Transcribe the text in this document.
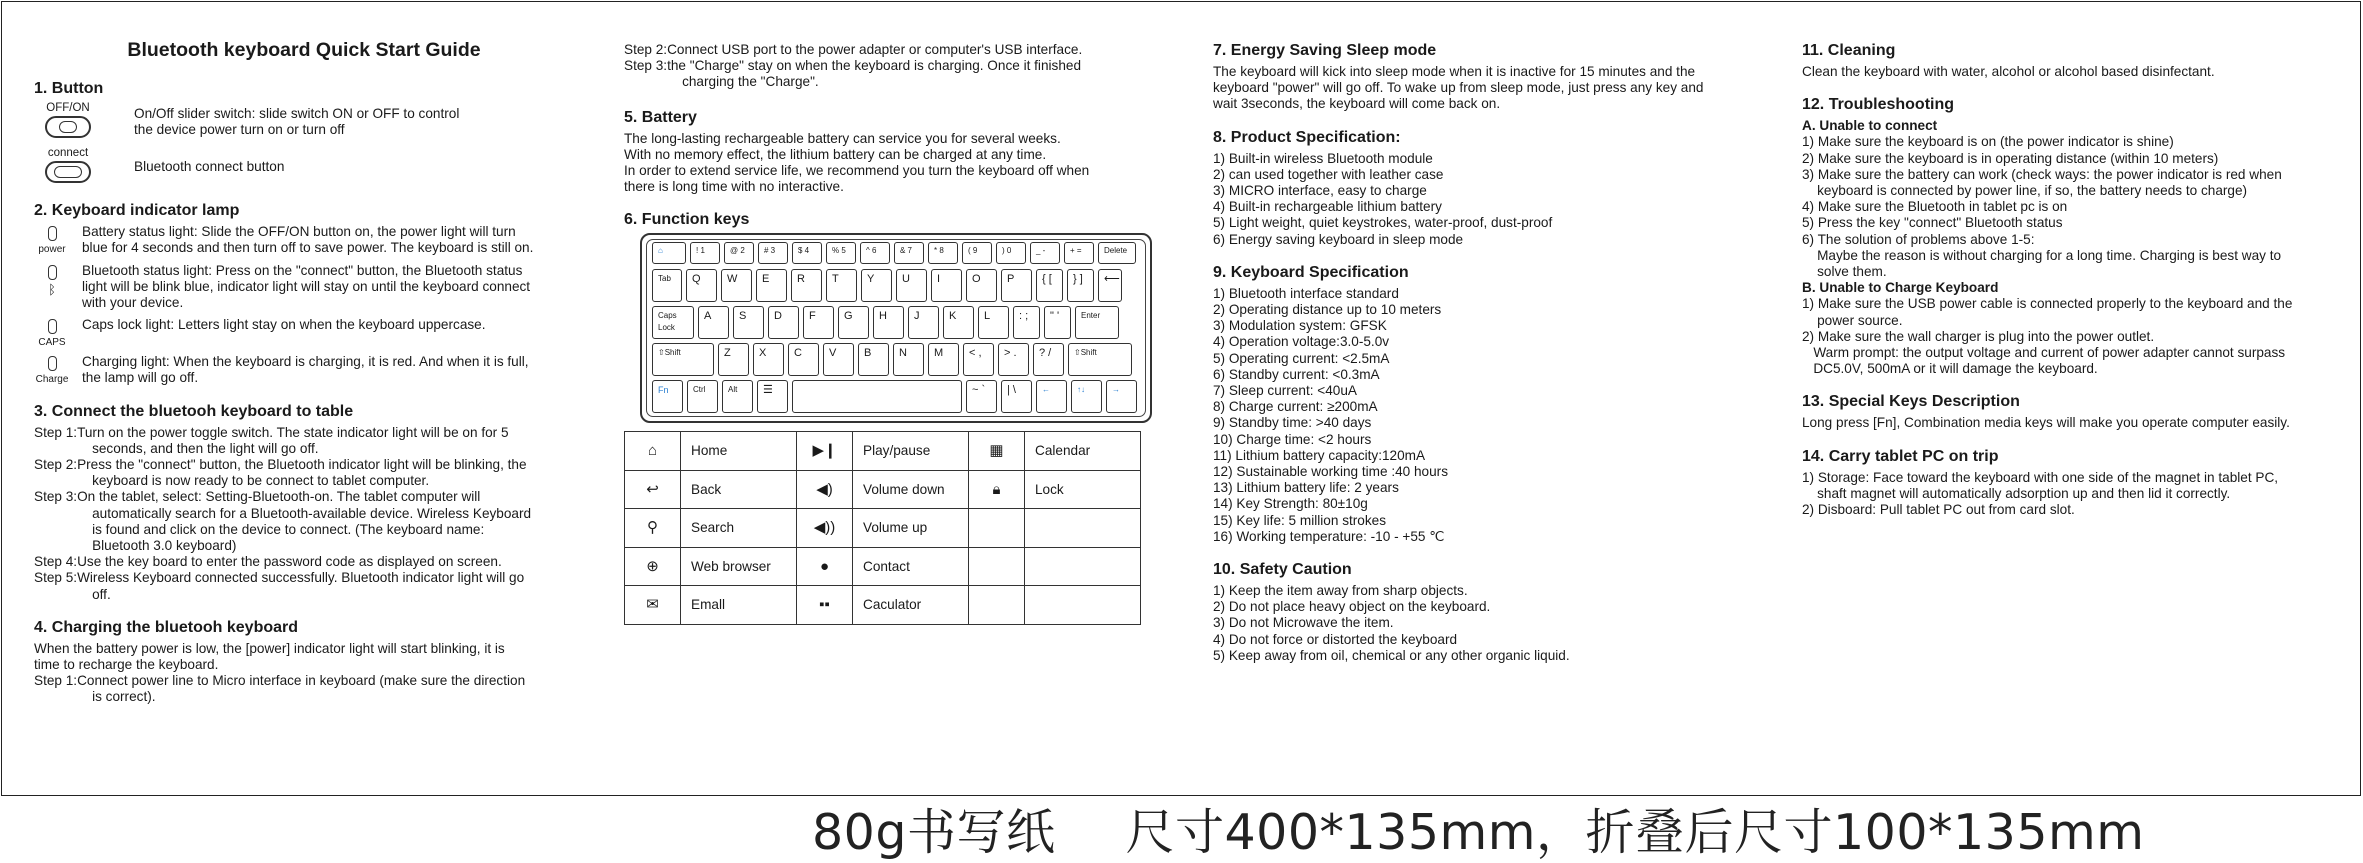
Bluetooth keyboard Quick Start Guide
1. Button
OFF/ON	On/Off slider switch: slide switch ON or OFF to control
the device power turn on or turn off
connect
Bluetooth connect button
2. Keyboard indicator lamp
power
Battery status light: Slide the OFF/ON button on, the power light will turn
blue for 4 seconds and then turn off to save power. The keyboard is still on.
ᛒ
Bluetooth status light: Press on the "connect" button, the Bluetooth status
light will be blink blue, indicator light will stay on until the keyboard connect
with your device.
CAPS
Caps lock light: Letters light stay on when the keyboard uppercase.
Charge
Charging light: When the keyboard is charging, it is red. And when it is full,
the lamp will go off.
3. Connect the bluetooh keyboard to table
Step 1: Turn on the power toggle switch. The state indicator light will be on for 5
seconds, and then the light will go off.
Step 2: Press the "connect" button, the Bluetooth indicator light will be blinking, the
keyboard is now ready to be connect to tablet computer.
Step 3: On the tablet, select: Setting-Bluetooth-on. The tablet computer will
automatically search for a Bluetooth-available device. Wireless Keyboard
is found and click on the device to connect. (The keyboard name:
Bluetooth 3.0 keyboard)
Step 4: Use the key board to enter the password code as displayed on screen.
Step 5: Wireless Keyboard connected successfully. Bluetooth indicator light will go
off.
4. Charging the bluetooh keyboard
When the battery power is low, the [power] indicator light will start blinking, it is
time to recharge the keyboard.
Step 1: Connect power line to Micro interface in keyboard (make sure the direction
is correct).
Step 2: Connect USB port to the power adapter or computer's USB interface.
Step 3: the "Charge" stay on when the keyboard is charging. Once it finished
charging the "Charge".
5. Battery
The long-lasting rechargeable battery can service you for several weeks.
With no memory effect, the lithium battery can be charged at any time.
In order to extend service life, we recommend you turn the keyboard off when
there is long time with no interactive.
6. Function keys
⌂	! 1	@ 2	# 3	$ 4	% 5	^ 6	& 7	* 8	( 9	) 0	_ -	+ =	Delete
Tab	Q	W	E	R	T	Y	U	I	O	P	{ [	} ]	⟵
Caps Lock
A	S	D	F	G	H	J	K	L	: ;	" '	Enter
⇧Shift	Z	X	C	V	B	N	M	< ,	> .	? /	⇧Shift
Fn	Ctrl	Alt	☰	~ `	| \	←	↑↓	→
⌂	Home	▶❙	Play/pause	▦	Calendar
↩	Back	◀)	Volume down	🔒︎	Lock
⚲	Search	◀))	Volume up		
⊕	Web browser	●	Contact		
✉	Emall	▪▪	Caculator		
7. Energy Saving Sleep mode
The keyboard will kick into sleep mode when it is inactive for 15 minutes and the
keyboard "power" will go off. To wake up from sleep mode, just press any key and
wait 3seconds, the keyboard will come back on.
8. Product Specification:
1) Built-in wireless Bluetooth module
2) can used together with leather case
3) MICRO interface, easy to charge
4) Built-in rechargeable lithium battery
5) Light weight, quiet keystrokes, water-proof, dust-proof
6) Energy saving keyboard in sleep mode
9. Keyboard Specification
1) Bluetooth interface standard
2) Operating distance up to 10 meters
3) Modulation system: GFSK
4) Operation voltage:3.0-5.0v
5) Operating current: <2.5mA
6) Standby current: <0.3mA
7) Sleep current: <40uA
8) Charge current: ≥200mA
9) Standby time: >40 days
10) Charge time: <2 hours
11) Lithium battery capacity:120mA
12) Sustainable working time :40 hours
13) Lithium battery life: 2 years
14) Key Strength: 80±10g
15) Key life: 5 million strokes
16) Working temperature: -10 - +55 ℃
10. Safety Caution
1) Keep the item away from sharp objects.
2) Do not place heavy object on the keyboard.
3) Do not Microwave the item.
4) Do not force or distorted the keyboard
5) Keep away from oil, chemical or any other organic liquid.
11. Cleaning
Clean the keyboard with water, alcohol or alcohol based disinfectant.
12. Troubleshooting
A. Unable to connect
1) Make sure the keyboard is on (the power indicator is shine)
2) Make sure the keyboard is in operating distance (within 10 meters)
3) Make sure the battery can work (check ways: the power indicator is red when
keyboard is connected by power line, if so, the battery needs to charge)
4) Make sure the Bluetooth in tablet pc is on
5) Press the key "connect" Bluetooth status
6) The solution of problems above 1-5:
Maybe the reason is without charging for a long time. Charging is best way to
solve them.
B. Unable to Charge Keyboard
1) Make sure the USB power cable is connected properly to the keyboard and the
power source.
2) Make sure the wall charger is plug into the power outlet.
Warm prompt: the output voltage and current of power adapter cannot surpass
DC5.0V, 500mA or it will damage the keyboard.
13. Special Keys Description
Long press [Fn], Combination media keys will make you operate computer easily.
14. Carry tablet PC on trip
1) Storage: Face toward the keyboard with one side of the magnet in tablet PC,
shaft magnet will automatically adsorption up and then lid it correctly.
2) Disboard: Pull tablet PC out from card slot.
80g书写纸 尺寸400*135mm，折叠后尺寸100*135mm
